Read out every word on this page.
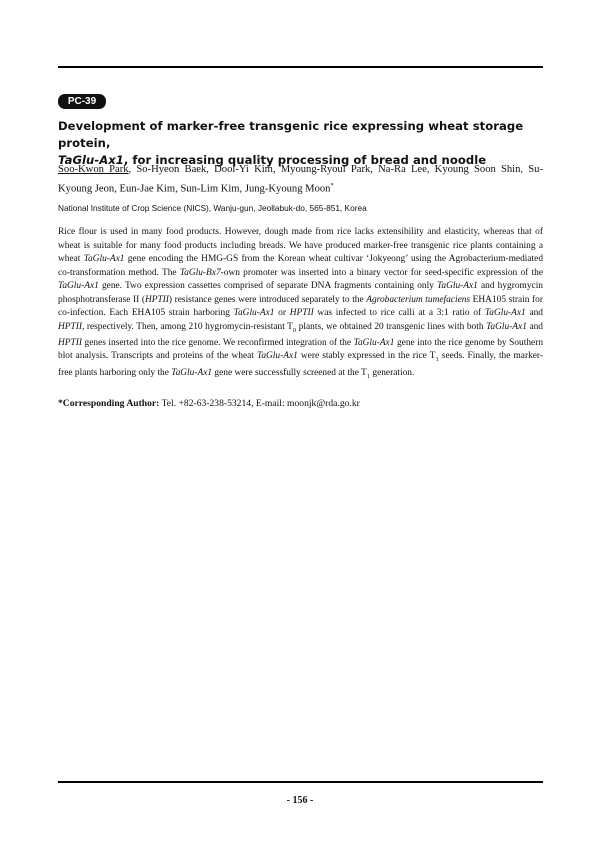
PC-39
Development of marker-free transgenic rice expressing wheat storage protein,
TaGlu-Ax1, for increasing quality processing of bread and noodle
Soo-Kwon Park, So-Hyeon Baek, Dool-Yi Kim, Myoung-Ryoul Park, Na-Ra Lee, Kyoung Soon Shin, Su-Kyoung Jeon, Eun-Jae Kim, Sun-Lim Kim, Jung-Kyoung Moon*
National Institute of Crop Science (NICS), Wanju-gun, Jeollabuk-do, 565-851, Korea

Rice flour is used in many food products. However, dough made from rice lacks extensibility and elasticity, whereas that of wheat is suitable for many food products including breads. We have produced marker-free transgenic rice plants containing a wheat TaGlu-Ax1 gene encoding the HMG-GS from the Korean wheat cultivar ‘Jokyeong’ using the Agrobacterium-mediated co-transformation method. The TaGlu-Bx7-own promoter was inserted into a binary vector for seed-specific expression of the TaGlu-Ax1 gene. Two expression cassettes comprised of separate DNA fragments containing only TaGlu-Ax1 and hygromycin phosphotransferase II (HPTII) resistance genes were introduced separately to the Agrobacterium tumefaciens EHA105 strain for co-infection. Each EHA105 strain harboring TaGlu-Ax1 or HPTII was infected to rice calli at a 3:1 ratio of TaGlu-Ax1 and HPTII, respectively. Then, among 210 hygromycin-resistant $T_0$ plants, we obtained 20 transgenic lines with both TaGlu-Ax1 and HPTII genes inserted into the rice genome. We reconfirmed integration of the TaGlu-Ax1 gene into the rice genome by Southern blot analysis. Transcripts and proteins of the wheat TaGlu-Ax1 were stably expressed in the rice $T_1$ seeds. Finally, the marker-free plants harboring only the TaGlu-Ax1 gene were successfully screened at the $T_1$ generation.

*Corresponding Author: Tel. +82-63-238-53214, E-mail: moonjk@rda.go.kr
- 156 -
